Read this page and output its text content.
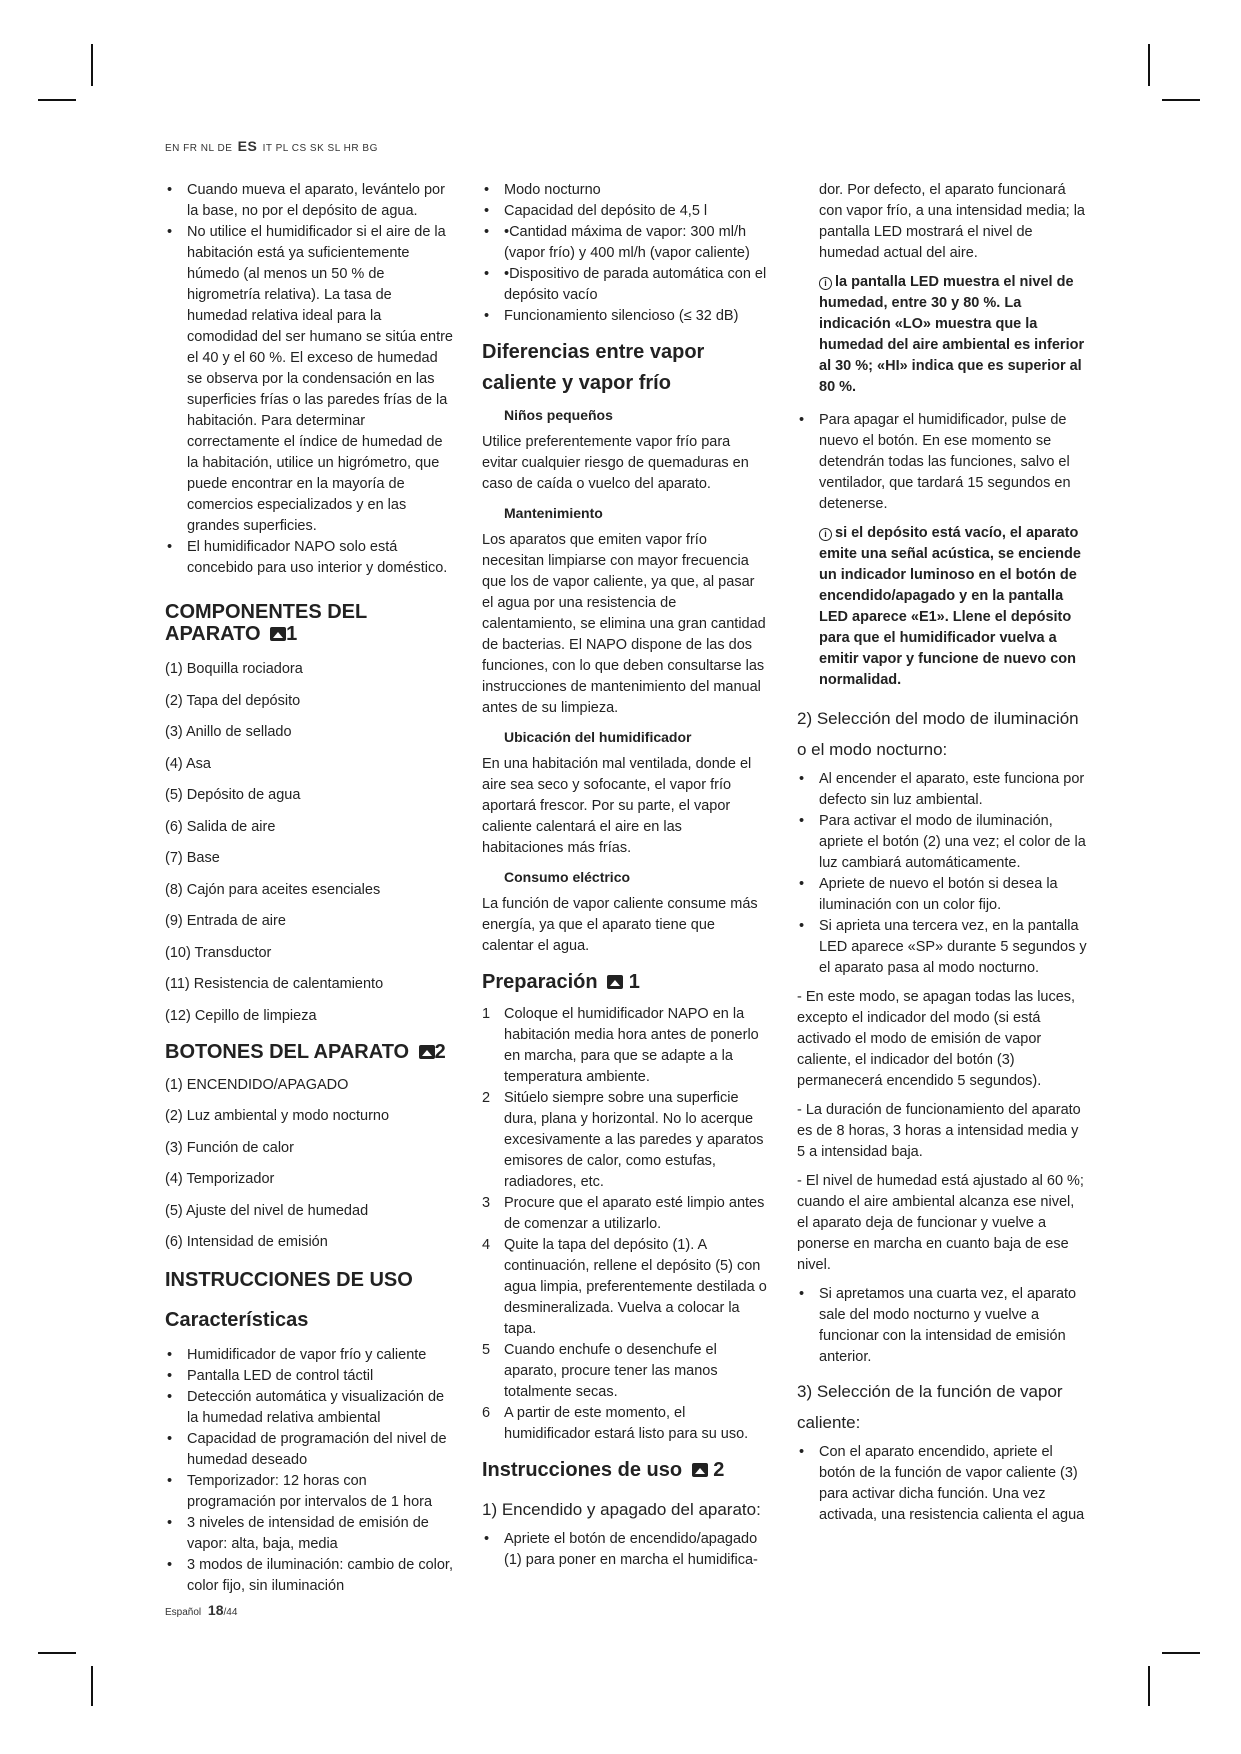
EN FR NL DE ES IT PL CS SK SL HR BG
• Cuando mueva el aparato, levántelo por la base, no por el depósito de agua.
• No utilice el humidificador si el aire de la habitación está ya suficientemente húmedo (al menos un 50 % de higrometría relativa). La tasa de humedad relativa ideal para la comodidad del ser humano se sitúa entre el 40 y el 60 %. El exceso de humedad se observa por la condensación en las superficies frías o las paredes frías de la habitación. Para determinar correctamente el índice de humedad de la habitación, utilice un higrómetro, que puede encontrar en la mayoría de comercios especializados y en las grandes superficies.
• El humidificador NAPO solo está concebido para uso interior y doméstico.
COMPONENTES DEL APARATO 1
(1) Boquilla rociadora
(2) Tapa del depósito
(3) Anillo de sellado
(4) Asa
(5) Depósito de agua
(6) Salida de aire
(7) Base
(8) Cajón para aceites esenciales
(9) Entrada de aire
(10) Transductor
(11) Resistencia de calentamiento
(12) Cepillo de limpieza
BOTONES DEL APARATO 2
(1) ENCENDIDO/APAGADO
(2) Luz ambiental y modo nocturno
(3) Función de calor
(4) Temporizador
(5) Ajuste del nivel de humedad
(6) Intensidad de emisión
INSTRUCCIONES DE USO
Características
• Humidificador de vapor frío y caliente
• Pantalla LED de control táctil
• Detección automática y visualización de la humedad relativa ambiental
• Capacidad de programación del nivel de humedad deseado
• Temporizador: 12 horas con programación por intervalos de 1 hora
• 3 niveles de intensidad de emisión de vapor: alta, baja, media
• 3 modos de iluminación: cambio de color, color fijo, sin iluminación
• Modo nocturno
• Capacidad del depósito de 4,5 l
• •Cantidad máxima de vapor: 300 ml/h (vapor frío) y 400 ml/h (vapor caliente)
• •Dispositivo de parada automática con el depósito vacío
• Funcionamiento silencioso (≤ 32 dB)
Diferencias entre vapor caliente y vapor frío
Niños pequeños

Utilice preferentemente vapor frío para evitar cualquier riesgo de quemaduras en caso de caída o vuelco del aparato.

Mantenimiento

Los aparatos que emiten vapor frío necesitan limpiarse con mayor frecuencia que los de vapor caliente, ya que, al pasar el agua por una resistencia de calentamiento, se elimina una gran cantidad de bacterias. El NAPO dispone de las dos funciones, con lo que deben consultarse las instrucciones de mantenimiento del manual antes de su limpieza.

Ubicación del humidificador

En una habitación mal ventilada, donde el aire sea seco y sofocante, el vapor frío aportará frescor. Por su parte, el vapor caliente calentará el aire en las habitaciones más frías.

Consumo eléctrico

La función de vapor caliente consume más energía, ya que el aparato tiene que calentar el agua.

Preparación 1
1 Coloque el humidificador NAPO en la habitación media hora antes de ponerlo en marcha, para que se adapte a la temperatura ambiente.
2 Sitúelo siempre sobre una superficie dura, plana y horizontal. No lo acerque excesivamente a las paredes y aparatos emisores de calor, como estufas, radiadores, etc.
3 Procure que el aparato esté limpio antes de comenzar a utilizarlo.
4 Quite la tapa del depósito (1). A continuación, rellene el depósito (5) con agua limpia, preferentemente destilada o desmineralizada. Vuelva a colocar la tapa.
5 Cuando enchufe o desenchufe el aparato, procure tener las manos totalmente secas.
6 A partir de este momento, el humidificador estará listo para su uso.
Instrucciones de uso 2
1) Encendido y apagado del aparato:
• Apriete el botón de encendido/apagado (1) para poner en marcha el humidifica-

dor. Por defecto, el aparato funcionará con vapor frío, a una intensidad media; la pantalla LED mostrará el nivel de humedad actual del aire.

i la pantalla LED muestra el nivel de humedad, entre 30 y 80 %. La indicación «LO» muestra que la humedad del aire ambiental es inferior al 30 %; «HI» indica que es superior al 80 %.
• Para apagar el humidificador, pulse de nuevo el botón. En ese momento se detendrán todas las funciones, salvo el ventilador, que tardará 15 segundos en detenerse.
i si el depósito está vacío, el aparato emite una señal acústica, se enciende un indicador luminoso en el botón de encendido/apagado y en la pantalla LED aparece «E1». Llene el depósito para que el humidificador vuelva a emitir vapor y funcione de nuevo con normalidad.
2) Selección del modo de iluminación o el modo nocturno:
• Al encender el aparato, este funciona por defecto sin luz ambiental.
• Para activar el modo de iluminación, apriete el botón (2) una vez; el color de la luz cambiará automáticamente.
• Apriete de nuevo el botón si desea la iluminación con un color fijo.
• Si aprieta una tercera vez, en la pantalla LED aparece «SP» durante 5 segundos y el aparato pasa al modo nocturno.

- En este modo, se apagan todas las luces, excepto el indicador del modo (si está activado el modo de emisión de vapor caliente, el indicador del botón (3) permanecerá encendido 5 segundos).

- La duración de funcionamiento del aparato es de 8 horas, 3 horas a intensidad media y 5 a intensidad baja.

- El nivel de humedad está ajustado al 60 %; cuando el aire ambiental alcanza ese nivel, el aparato deja de funcionar y vuelve a ponerse en marcha en cuanto baja de ese nivel.

• Si apretamos una cuarta vez, el aparato sale del modo nocturno y vuelve a funcionar con la intensidad de emisión anterior.
3) Selección de la función de vapor caliente:
• Con el aparato encendido, apriete el botón de la función de vapor caliente (3) para activar dicha función. Una vez activada, una resistencia calienta el agua
Español 18/44
